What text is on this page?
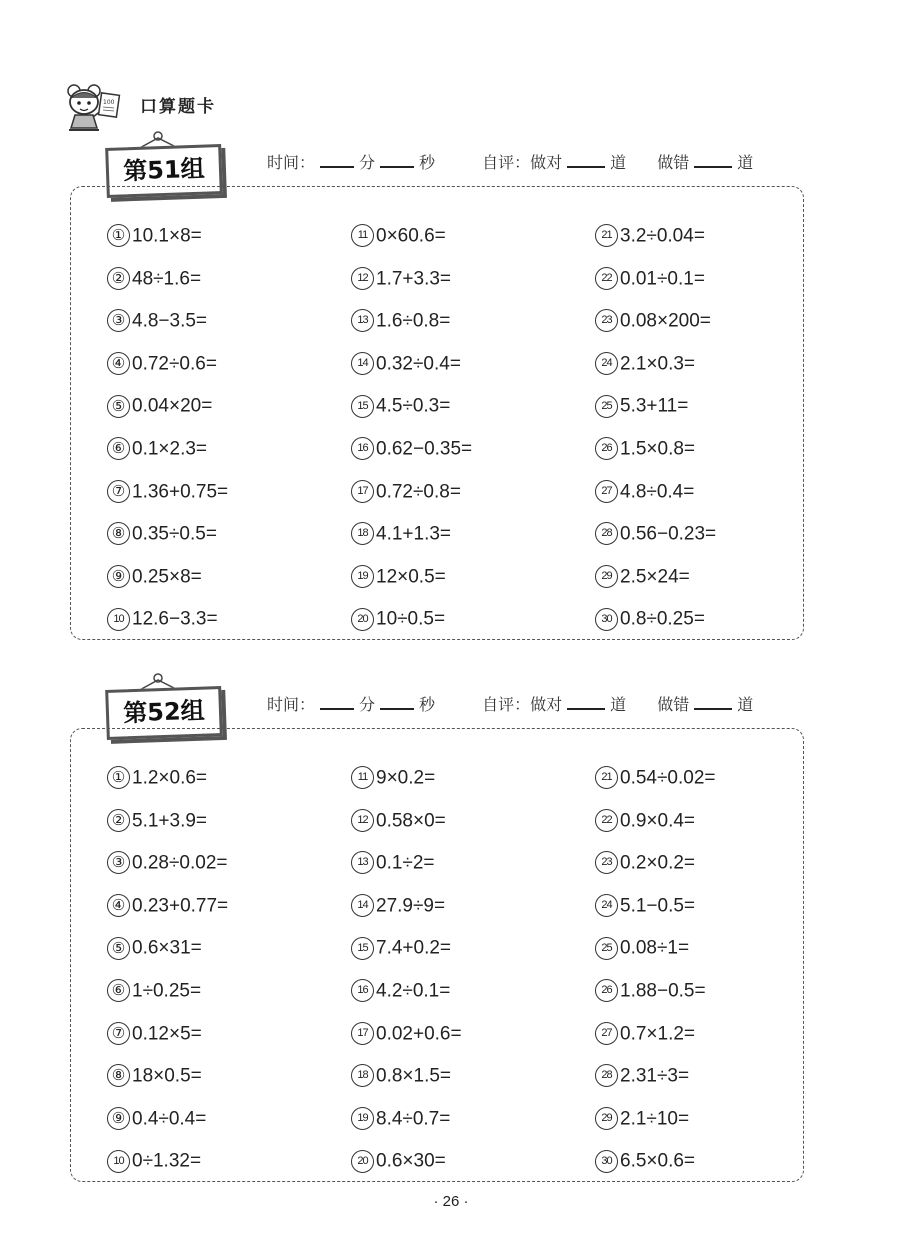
100 口算题卡
第51组	时间：	分	秒	自评：做对	道 做错	道
① 10.1×8=
② 48÷1.6=
③ 4.8−3.5=
④ 0.72÷0.6=
⑤ 0.04×20=
⑥ 0.1×2.3=
⑦ 1.36+0.75=
⑧ 0.35÷0.5=
⑨ 0.25×8=
10 12.6−3.3=
11 0×60.6=
12 1.7+3.3=
13 1.6÷0.8=
14 0.32÷0.4=
15 4.5÷0.3=
16 0.62−0.35=
17 0.72÷0.8=
18 4.1+1.3=
19 12×0.5=
20 10÷0.5=
21 3.2÷0.04=
22 0.01÷0.1=
23 0.08×200=
24 2.1×0.3=
25 5.3+11=
26 1.5×0.8=
27 4.8÷0.4=
28 0.56−0.23=
29 2.5×24=
30 0.8÷0.25=
第52组	时间：	分	秒	自评：做对	道 做错	道
① 1.2×0.6=
② 5.1+3.9=
③ 0.28÷0.02=
④ 0.23+0.77=
⑤ 0.6×31=
⑥ 1÷0.25=
⑦ 0.12×5=
⑧ 18×0.5=
⑨ 0.4÷0.4=
10 0÷1.32=
11 9×0.2=
12 0.58×0=
13 0.1÷2=
14 27.9÷9=
15 7.4+0.2=
16 4.2÷0.1=
17 0.02+0.6=
18 0.8×1.5=
19 8.4÷0.7=
20 0.6×30=
21 0.54÷0.02=
22 0.9×0.4=
23 0.2×0.2=
24 5.1−0.5=
25 0.08÷1=
26 1.88−0.5=
27 0.7×1.2=
28 2.31÷3=
29 2.1÷10=
30 6.5×0.6=
· 26 ·
